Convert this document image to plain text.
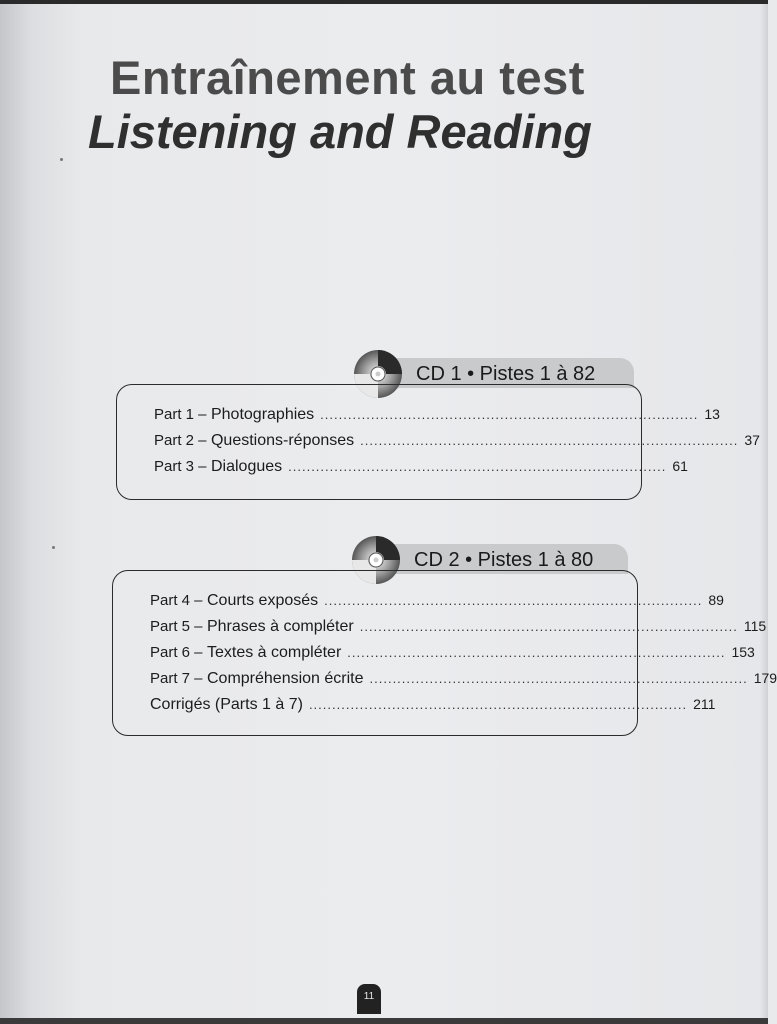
Entraînement au test
Listening and Reading
CD 1 • Pistes 1 à 82
Part 1 –
Photographies .................................................................................. 13
Part 2 –
Questions-réponses .................................................................................. 37
Part 3 –
Dialogues .................................................................................. 61
CD 2 • Pistes 1 à 80
Part 4 –
Courts exposés .................................................................................. 89
Part 5 –
Phrases à compléter .................................................................................. 115
Part 6 –
Textes à compléter .................................................................................. 153
Part 7 –
Compréhension écrite .................................................................................. 179
Corrigés (Parts 1 à 7) .................................................................................. 211
11
